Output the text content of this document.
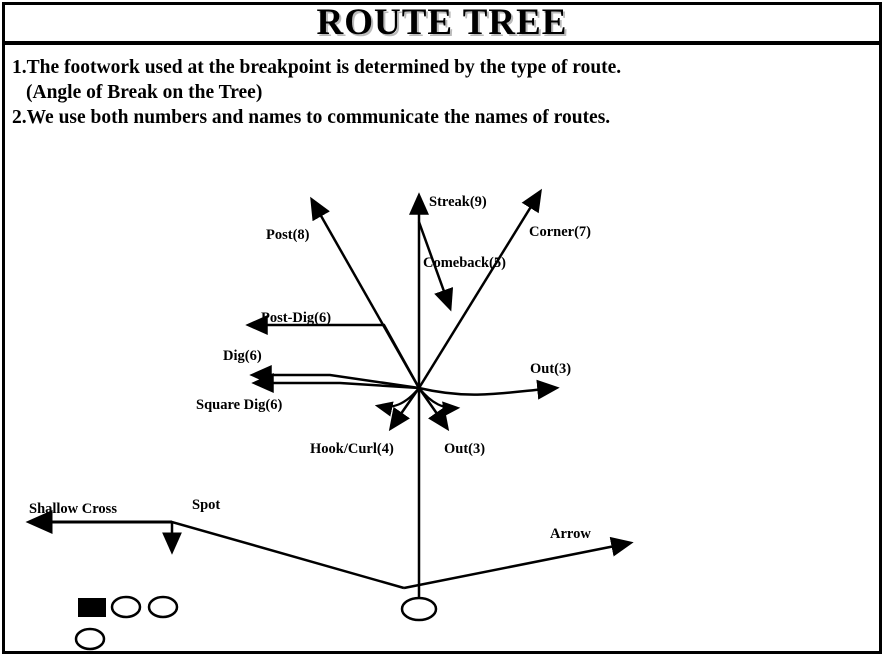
ROUTE TREE
1.The footwork used at the breakpoint is determined by the type of route.
(Angle of Break on the Tree)
2.We use both numbers and names to communicate the names of routes.
Streak(9)
Corner(7)
Post(8)
Comeback(5)
Post-Dig(6)
Dig(6)
Out(3)
Square Dig(6)
Hook/Curl(4)	Out(3)
Shallow Cross	Spot
Arrow
